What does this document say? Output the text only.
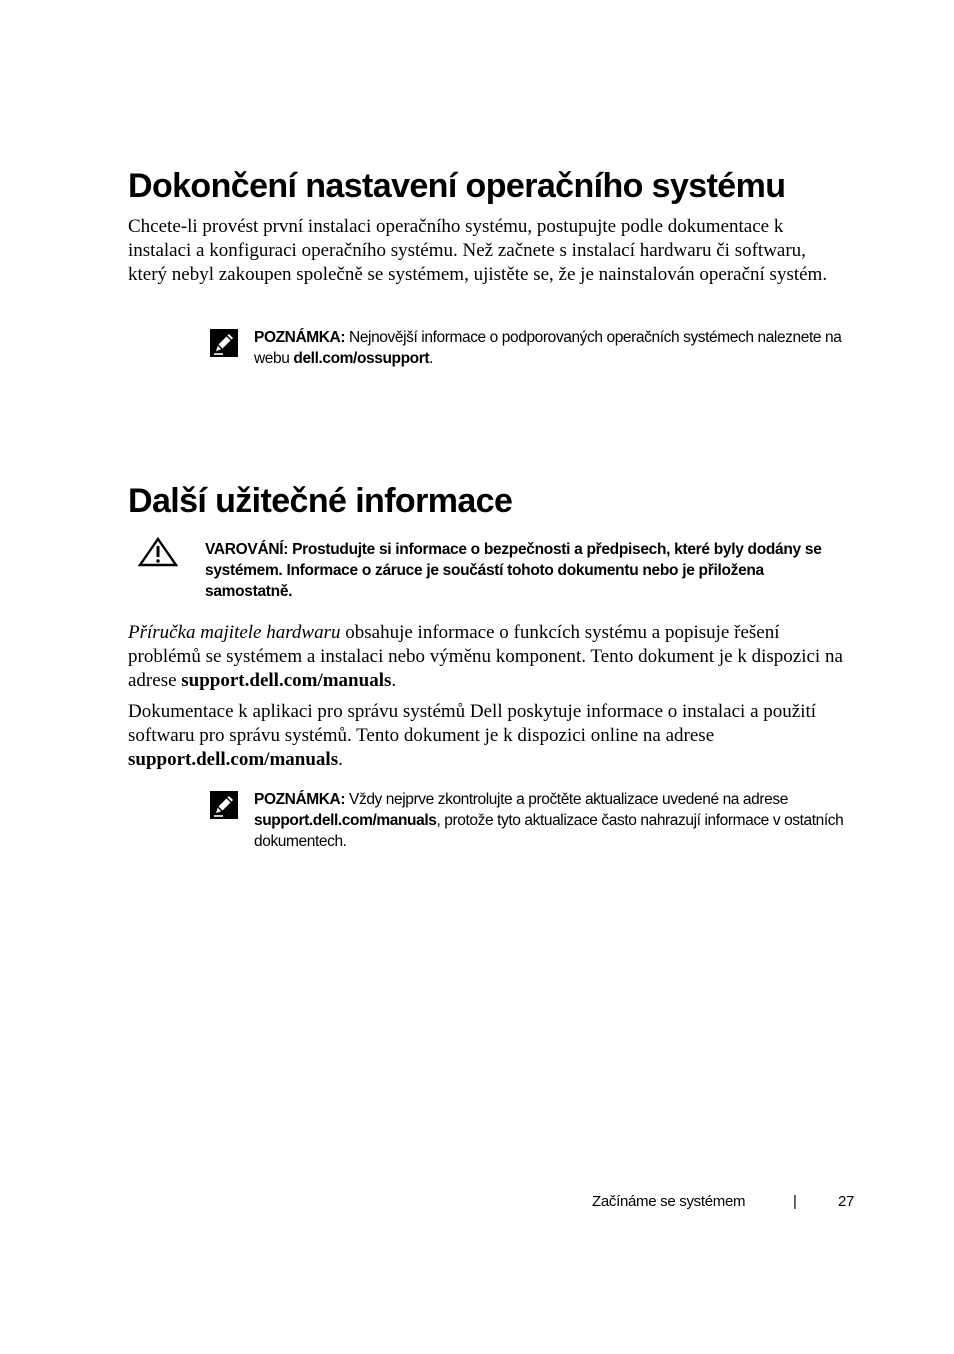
Dokončení nastavení operačního systému

Chcete-li provést první instalaci operačního systému, postupujte podle dokumentace k instalaci a konfiguraci operačního systému. Než začnete s instalací hardwaru či softwaru, který nebyl zakoupen společně se systémem, ujistěte se, že je nainstalován operační systém.

POZNÁMKA: Nejnovější informace o podporovaných operačních systémech naleznete na webu dell.com/ossupport.
Další užitečné informace
VAROVÁNÍ: Prostudujte si informace o bezpečnosti a předpisech, které byly dodány se systémem. Informace o záruce je součástí tohoto dokumentu nebo je přiložena samostatně.

Příručka majitele hardwaru obsahuje informace o funkcích systému a popisuje řešení problémů se systémem a instalaci nebo výměnu komponent. Tento dokument je k dispozici na adrese support.dell.com/manuals.

Dokumentace k aplikaci pro správu systémů Dell poskytuje informace o instalaci a použití softwaru pro správu systémů. Tento dokument je k dispozici online na adrese support.dell.com/manuals.

POZNÁMKA: Vždy nejprve zkontrolujte a pročtěte aktualizace uvedené na adrese support.dell.com/manuals, protože tyto aktualizace často nahrazují informace v ostatních dokumentech.
Začínáme se systémem	|	27
